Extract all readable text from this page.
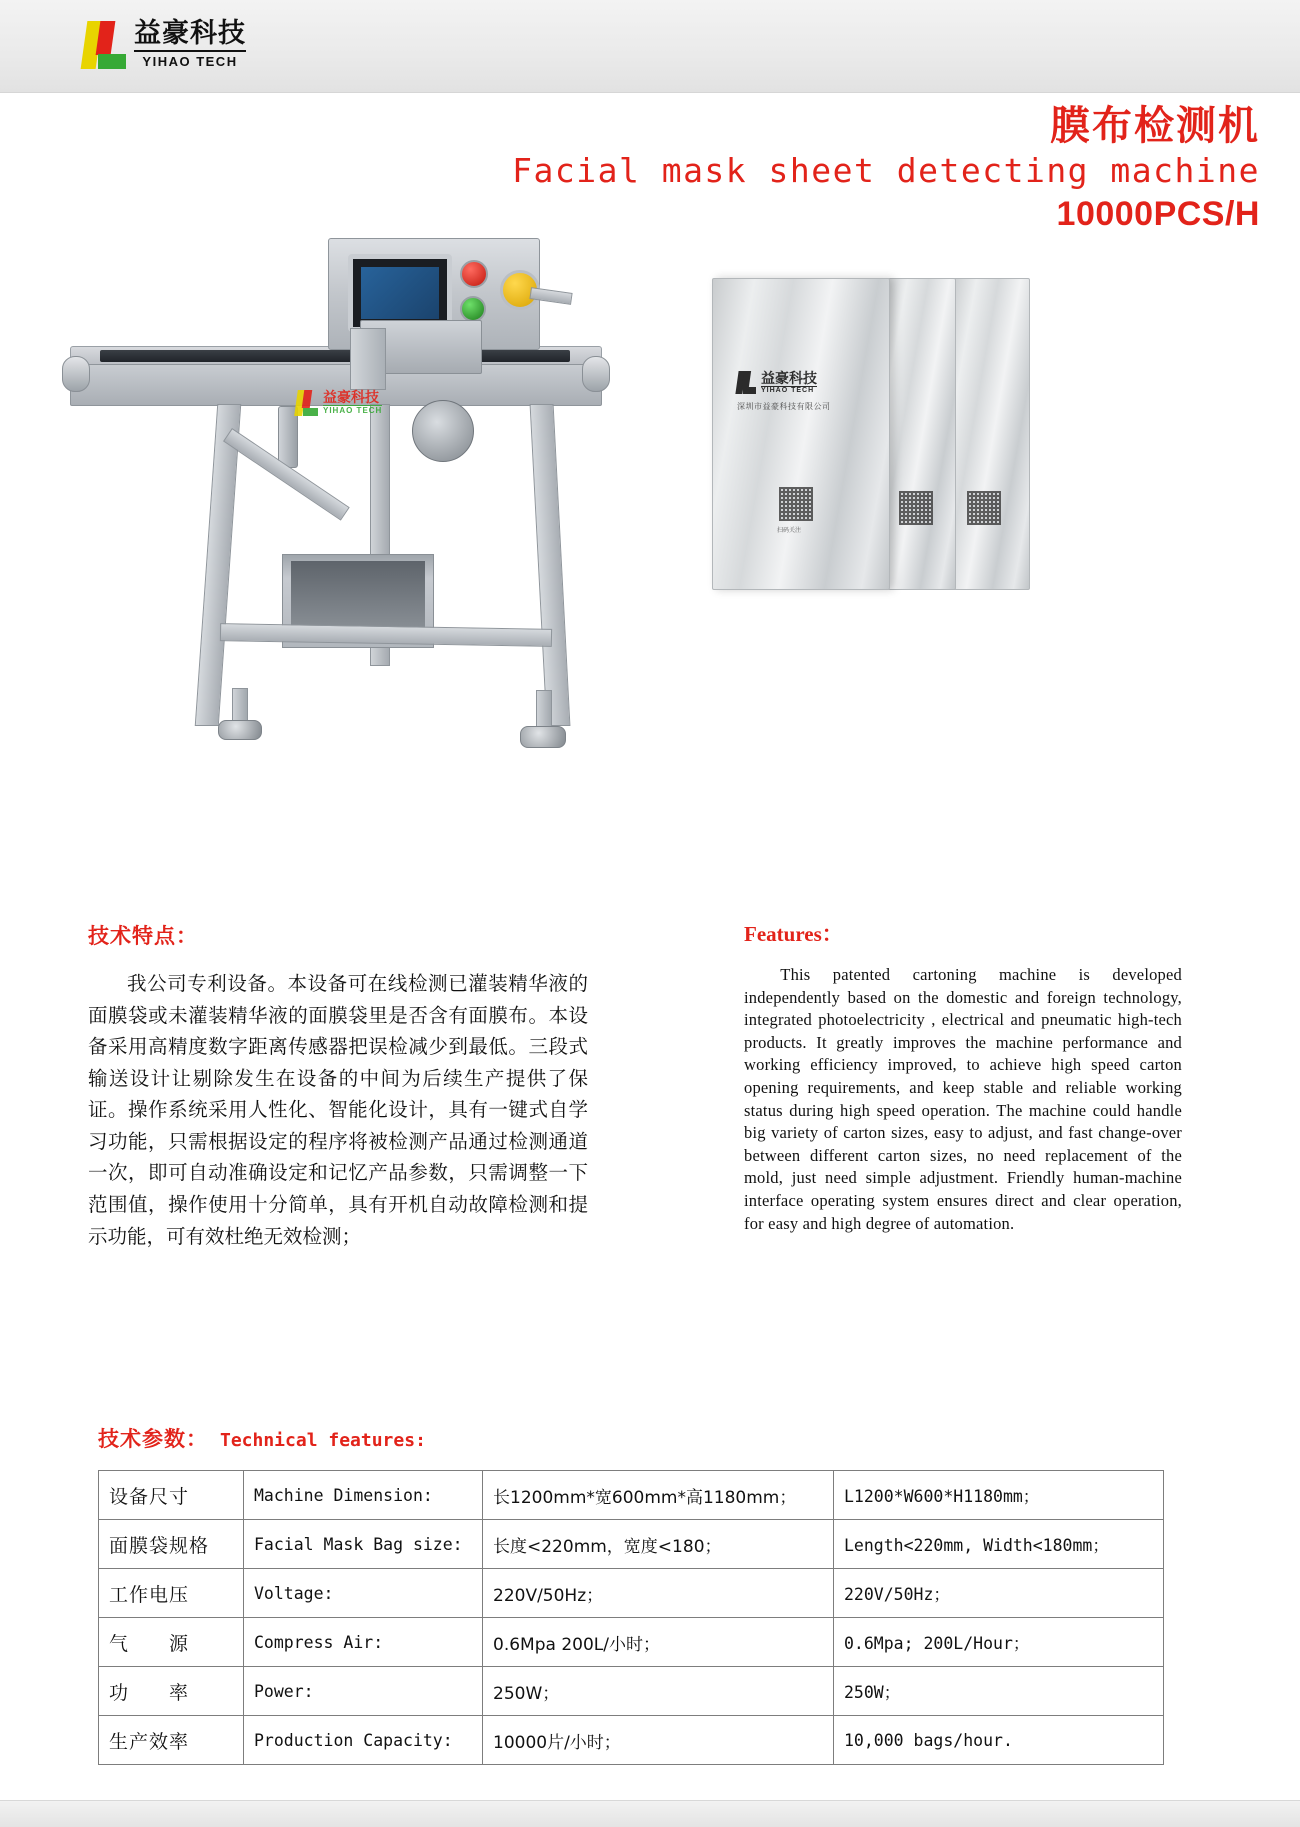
益豪科技
YIHAO TECH
膜布检测机
Facial mask sheet detecting machine
10000PCS/H
益豪科技
YIHAO TECH
益豪科技
YIHAO TECH
深圳市益豪科技有限公司
扫码关注
技术特点：
我公司专利设备。本设备可在线检测已灌装精华液的面膜袋或未灌装精华液的面膜袋里是否含有面膜布。本设备采用高精度数字距离传感器把误检减少到最低。三段式输送设计让剔除发生在设备的中间为后续生产提供了保证。操作系统采用人性化、智能化设计，具有一键式自学习功能，只需根据设定的程序将被检测产品通过检测通道一次，即可自动准确设定和记忆产品参数，只需调整一下范围值，操作使用十分简单，具有开机自动故障检测和提示功能，可有效杜绝无效检测；
Features：
This patented cartoning machine is developed independently based on the domestic and foreign technology, integrated photoelectricity , electrical and pneumatic high-tech products. It greatly improves the machine performance and working efficiency improved, to achieve high speed carton opening requirements, and keep stable and reliable working status during high speed operation. The machine could handle big variety of carton sizes, easy to adjust, and fast change-over between different carton sizes, no need replacement of the mold, just need simple adjustment. Friendly human-machine interface operating system ensures direct and clear operation, for easy and high degree of automation.
技术参数： Technical features:
设备尺寸	Machine Dimension:	长1200mm*宽600mm*高1180mm；	L1200*W600*H1180mm；

面膜袋规格	Facial Mask Bag size:	长度<220mm，宽度<180；	Length<220mm, Width<180mm；

工作电压	Voltage:	220V/50Hz；	220V/50Hz；

气　　源	Compress Air:	0.6Mpa 200L/小时；	0.6Mpa; 200L/Hour；

功　　率	Power:	250W；	250W；

生产效率	Production Capacity:	10000片/小时；	10,000 bags/hour.
